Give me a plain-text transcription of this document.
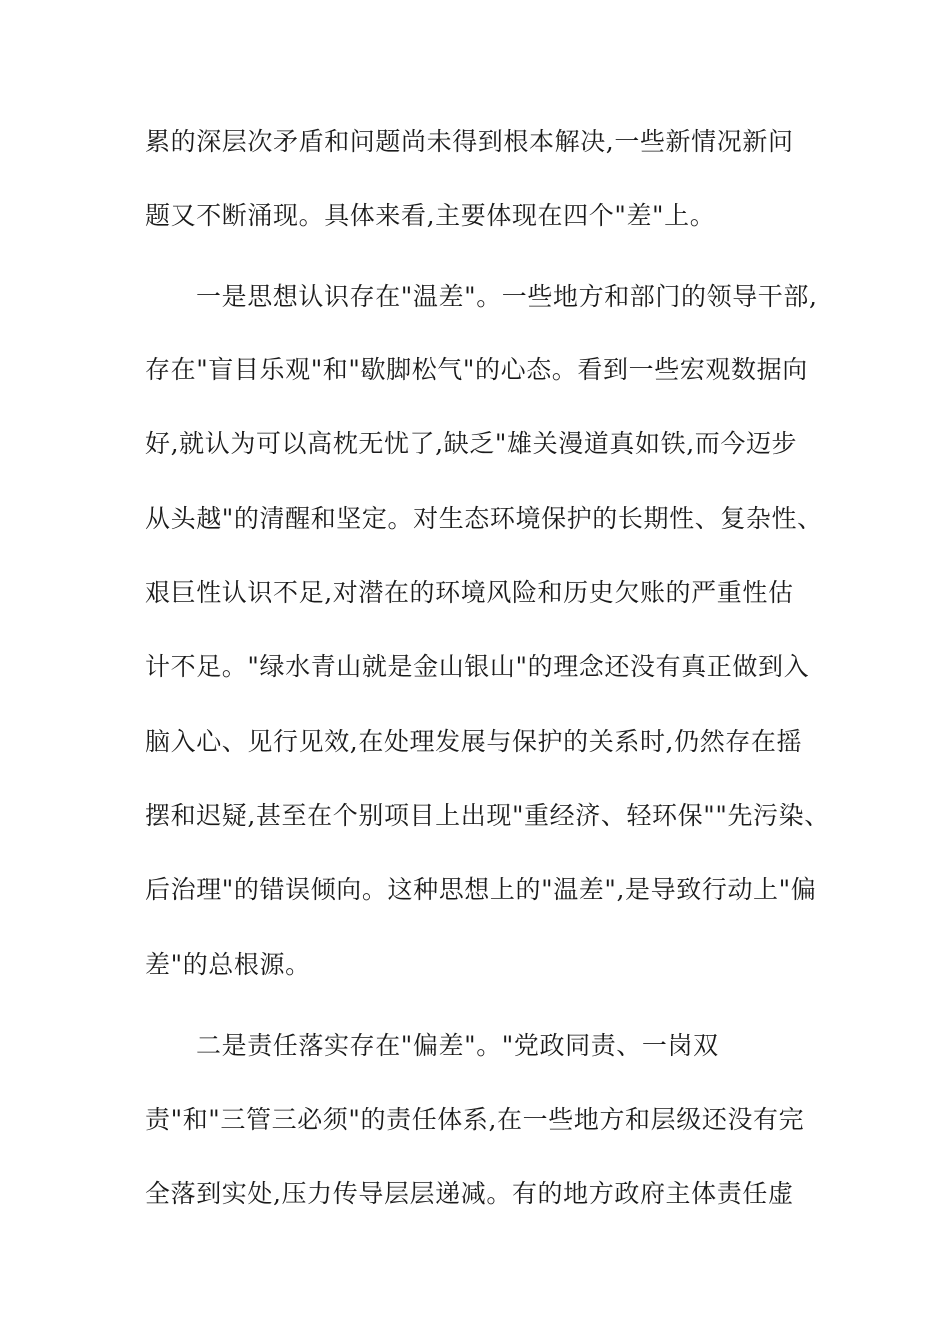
累的深层次矛盾和问题尚未得到根本解决,一些新情况新问
题又不断涌现。具体来看,主要体现在四个"差"上。
一是思想认识存在"温差"。一些地方和部门的领导干部,
存在"盲目乐观"和"歇脚松气"的心态。看到一些宏观数据向
好,就认为可以高枕无忧了,缺乏"雄关漫道真如铁,而今迈步
从头越"的清醒和坚定。对生态环境保护的长期性、复杂性、
艰巨性认识不足,对潜在的环境风险和历史欠账的严重性估
计不足。"绿水青山就是金山银山"的理念还没有真正做到入
脑入心、见行见效,在处理发展与保护的关系时,仍然存在摇
摆和迟疑,甚至在个别项目上出现"重经济、轻环保""先污染、
后治理"的错误倾向。这种思想上的"温差",是导致行动上"偏
差"的总根源。
二是责任落实存在"偏差"。"党政同责、一岗双
责"和"三管三必须"的责任体系,在一些地方和层级还没有完
全落到实处,压力传导层层递减。有的地方政府主体责任虚
